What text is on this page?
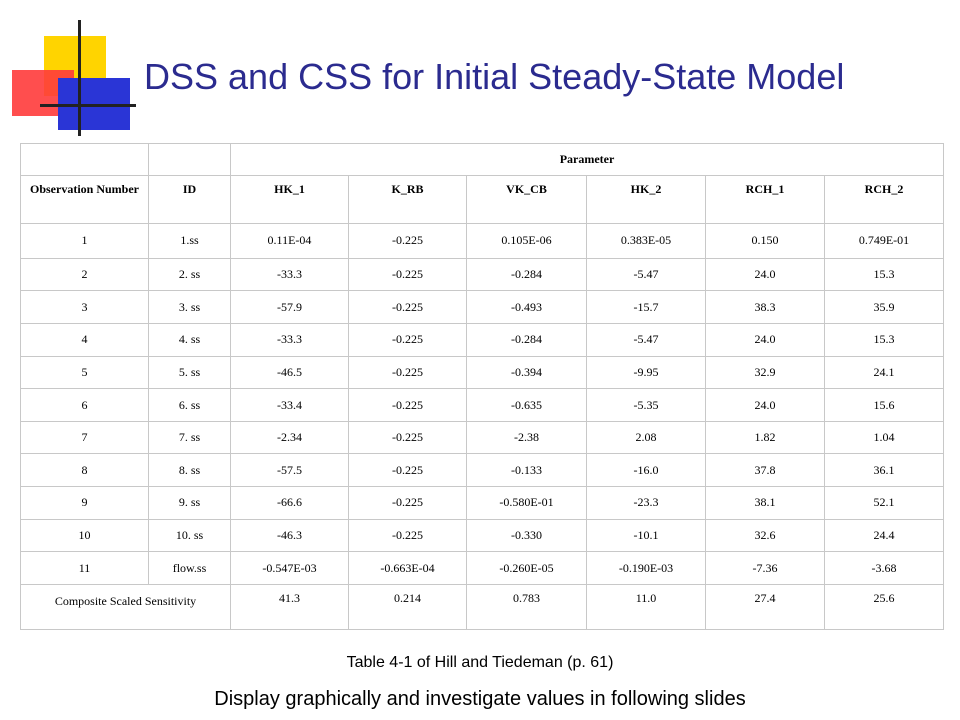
DSS and CSS for Initial Steady-State Model
		Parameter					
Observation Number	ID	HK_1	K_RB	VK_CB	HK_2	RCH_1	RCH_2
1	1.ss	0.11E-04	-0.225	0.105E-06	0.383E-05	0.150	0.749E-01
2	2. ss	-33.3	-0.225	-0.284	-5.47	24.0	15.3
3	3. ss	-57.9	-0.225	-0.493	-15.7	38.3	35.9
4	4. ss	-33.3	-0.225	-0.284	-5.47	24.0	15.3
5	5. ss	-46.5	-0.225	-0.394	-9.95	32.9	24.1
6	6. ss	-33.4	-0.225	-0.635	-5.35	24.0	15.6
7	7. ss	-2.34	-0.225	-2.38	2.08	1.82	1.04
8	8. ss	-57.5	-0.225	-0.133	-16.0	37.8	36.1
9	9. ss	-66.6	-0.225	-0.580E-01	-23.3	38.1	52.1
10	10. ss	-46.3	-0.225	-0.330	-10.1	32.6	24.4
11	flow.ss	-0.547E-03	-0.663E-04	-0.260E-05	-0.190E-03	-7.36	-3.68
Composite Scaled Sensitivity		41.3	0.214	0.783	11.0	27.4	25.6
Table 4-1 of Hill and Tiedeman (p. 61)
Display graphically and investigate values in following slides
